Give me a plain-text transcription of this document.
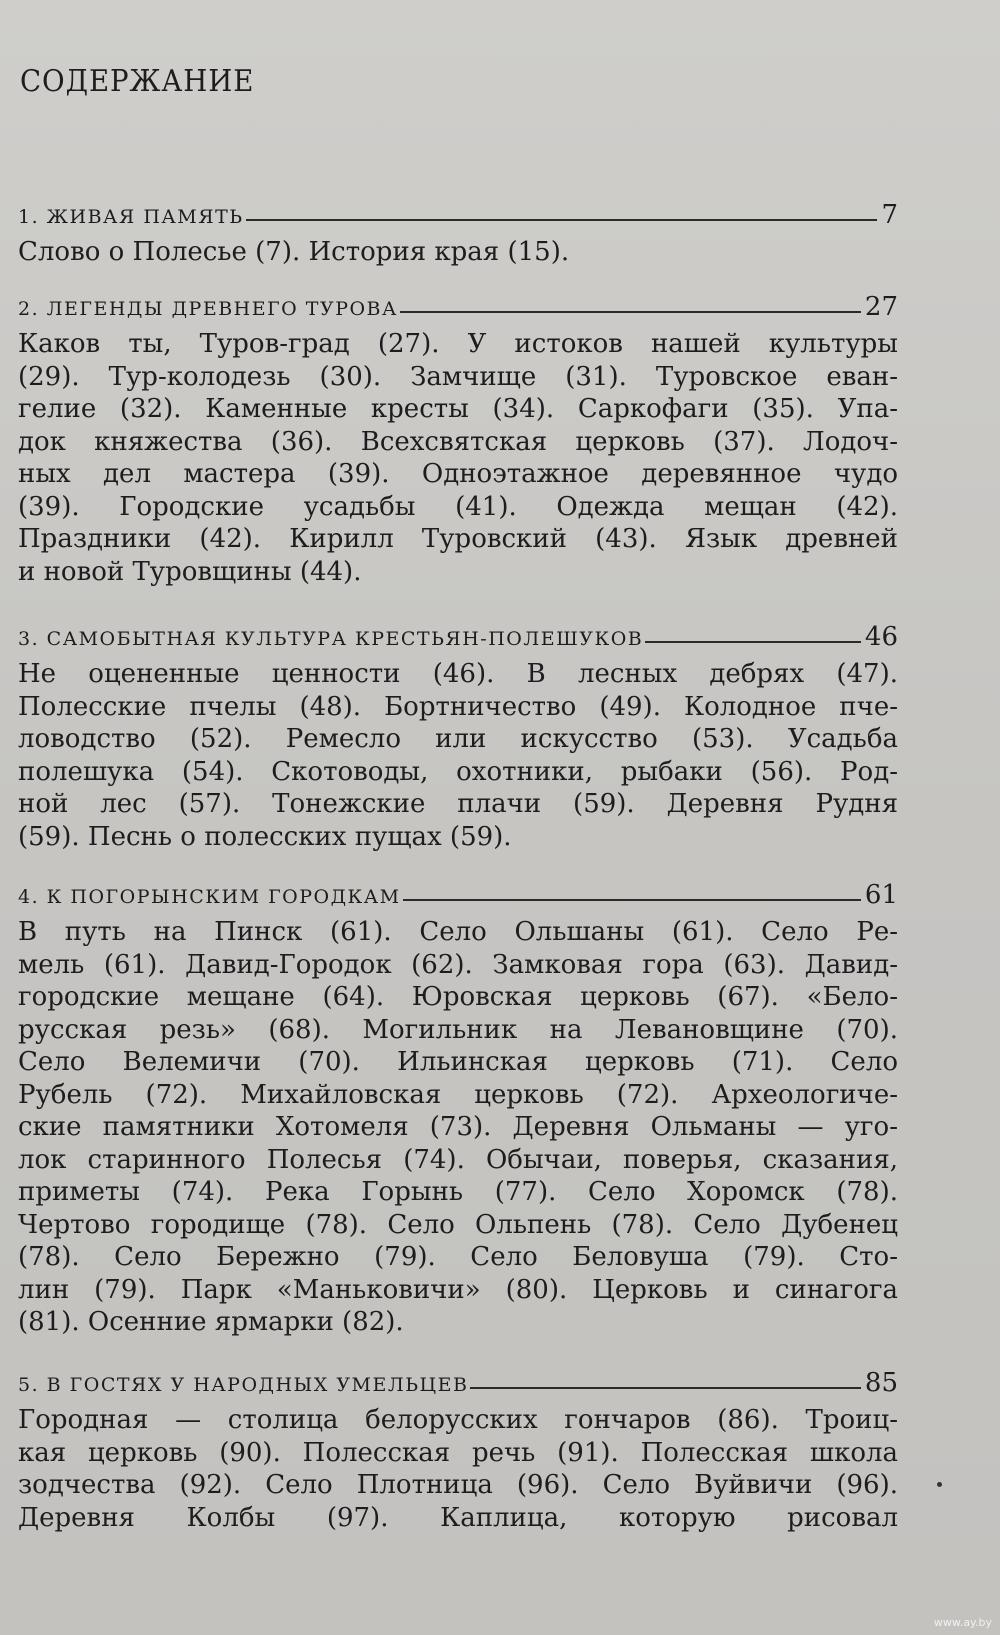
СОДЕРЖАНИЕ
1. ЖИВАЯ ПАМЯТЬ	7
Слово о Полесье (7). История края (15).
2. ЛЕГЕНДЫ ДРЕВНЕГО ТУРОВА	27
Каков ты, Туров-град (27). У истоков нашей культуры
(29). Тур-колодезь (30). Замчище (31). Туровское еван-
гелие (32). Каменные кресты (34). Саркофаги (35). Упа-
док княжества (36). Всехсвятская церковь (37). Лодоч-
ных дел мастера (39). Одноэтажное деревянное чудо
(39). Городские усадьбы (41). Одежда мещан (42).
Праздники (42). Кирилл Туровский (43). Язык древней
и новой Туровщины (44).
3. САМОБЫТНАЯ КУЛЬТУРА КРЕСТЬЯН-ПОЛЕШУКОВ	46
Не оцененные ценности (46). В лесных дебрях (47).
Полесские пчелы (48). Бортничество (49). Колодное пче-
ловодство (52). Ремесло или искусство (53). Усадьба
полешука (54). Скотоводы, охотники, рыбаки (56). Род-
ной лес (57). Тонежские плачи (59). Деревня Рудня
(59). Песнь о полесских пущах (59).
4. К ПОГОРЫНСКИМ ГОРОДКАМ	61
В путь на Пинск (61). Село Ольшаны (61). Село Ре-
мель (61). Давид-Городок (62). Замковая гора (63). Давид-
городские мещане (64). Юровская церковь (67). «Бело-
русская резь» (68). Могильник на Левановщине (70).
Село Велемичи (70). Ильинская церковь (71). Село
Рубель (72). Михайловская церковь (72). Археологиче-
ские памятники Хотомеля (73). Деревня Ольманы — уго-
лок старинного Полесья (74). Обычаи, поверья, сказания,
приметы (74). Река Горынь (77). Село Хоромск (78).
Чертово городище (78). Село Ольпень (78). Село Дубенец
(78). Село Бережно (79). Село Беловуша (79). Сто-
лин (79). Парк «Маньковичи» (80). Церковь и синагога
(81). Осенние ярмарки (82).
5. В ГОСТЯХ У НАРОДНЫХ УМЕЛЬЦЕВ	85
Городная — столица белорусских гончаров (86). Троиц-
кая церковь (90). Полесская речь (91). Полесская школа
зодчества (92). Село Плотница (96). Село Вуйвичи (96).
Деревня Колбы (97). Каплица, которую рисовал
www.ay.by
